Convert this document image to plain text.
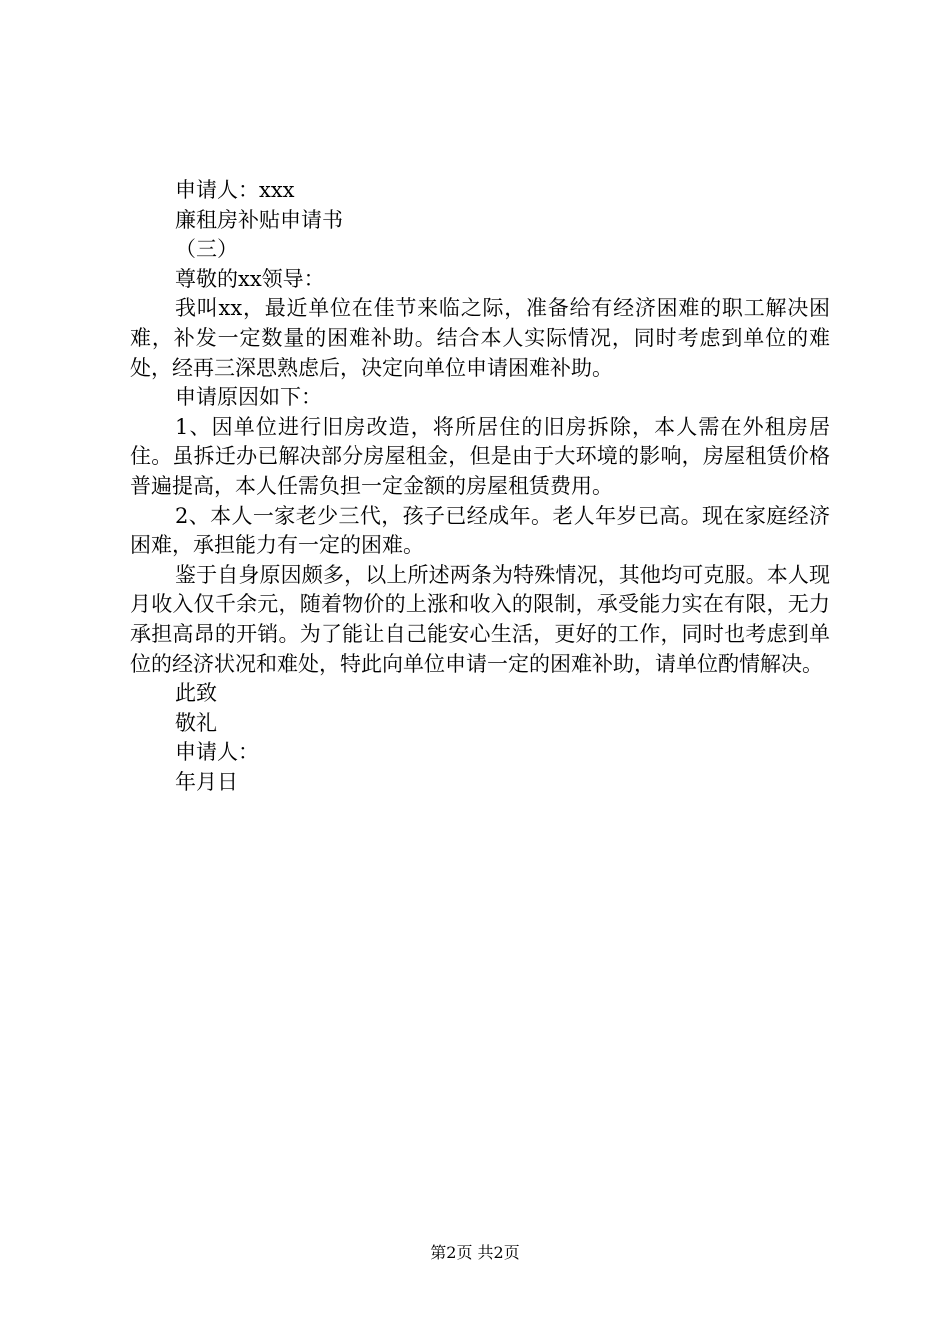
申请人：xxx

廉租房补贴申请书

（三）

尊敬的xx领导：

我叫xx，最近单位在佳节来临之际，准备给有经济困难的职工解决困难，补发一定数量的困难补助。结合本人实际情况，同时考虑到单位的难处，经再三深思熟虑后，决定向单位申请困难补助。

申请原因如下：

1、因单位进行旧房改造，将所居住的旧房拆除，本人需在外租房居住。虽拆迁办已解决部分房屋租金，但是由于大环境的影响，房屋租赁价格普遍提高，本人任需负担一定金额的房屋租赁费用。

2、本人一家老少三代，孩子已经成年。老人年岁已高。现在家庭经济困难，承担能力有一定的困难。

鉴于自身原因颇多，以上所述两条为特殊情况，其他均可克服。本人现月收入仅千余元，随着物价的上涨和收入的限制，承受能力实在有限，无力承担高昂的开销。为了能让自己能安心生活，更好的工作，同时也考虑到单位的经济状况和难处，特此向单位申请一定的困难补助，请单位酌情解决。

此致

敬礼

申请人：

年月日

第2页 共2页
